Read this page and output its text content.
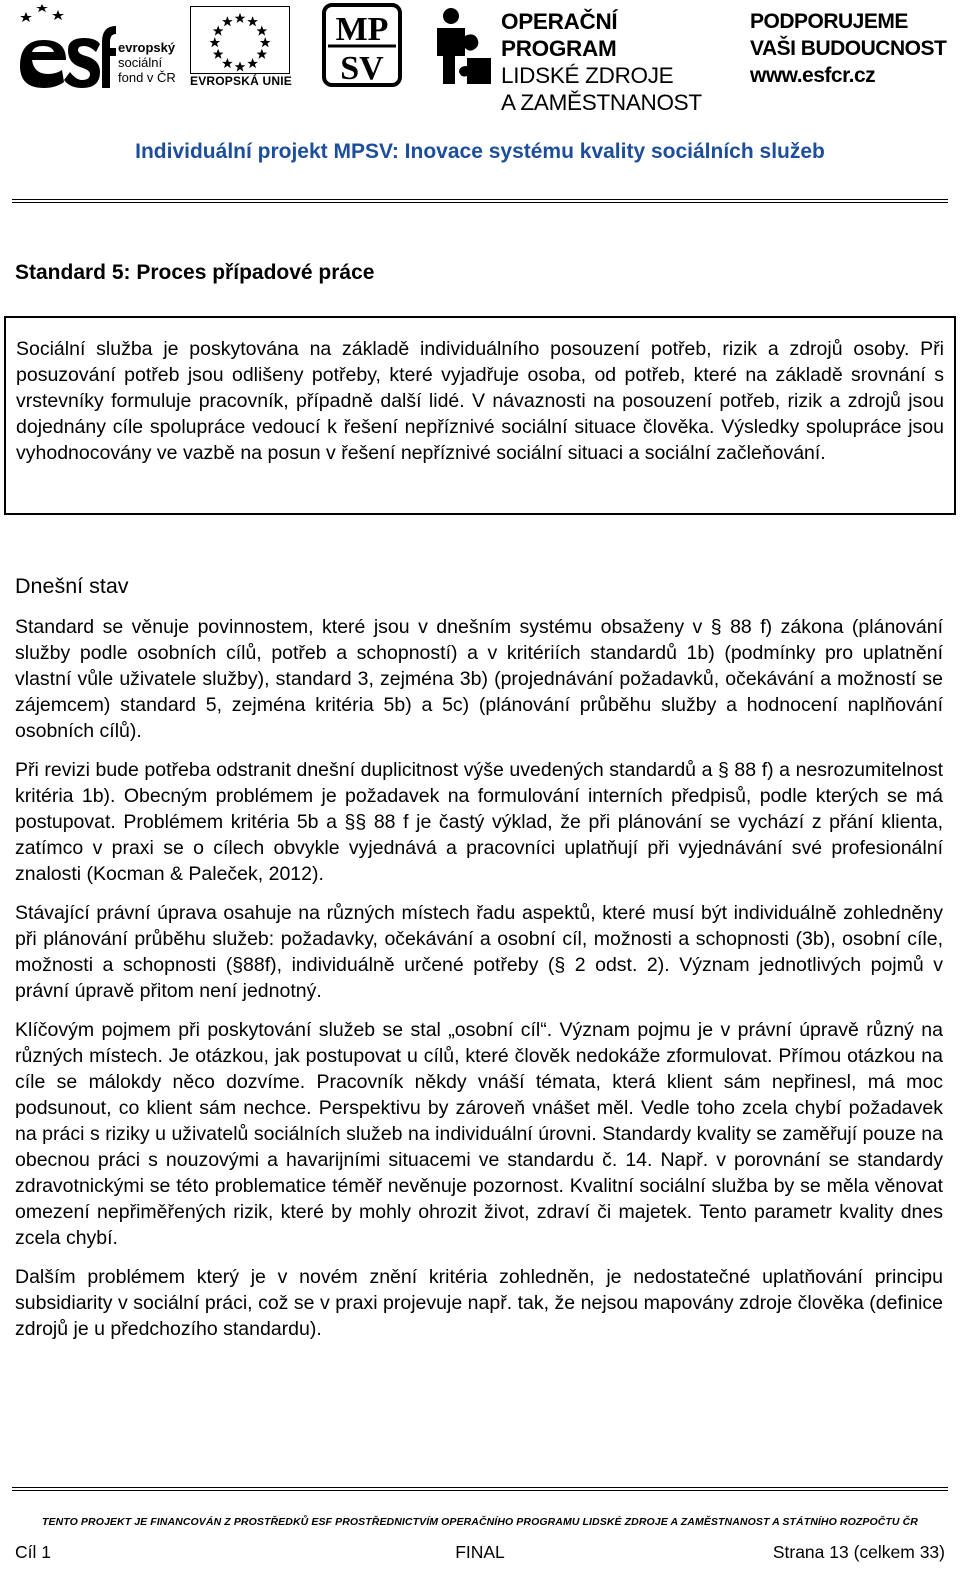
evropský
sociální
fond v ČR EVROPSKÁ UNIE
MP
SV
OPERAČNÍ PROGRAM
LIDSKÉ ZDROJE
A ZAMĚSTNANOST
PODPORUJEME
VAŠI BUDOUCNOST
www.esfcr.cz
Individuální projekt MPSV: Inovace systému kvality sociálních služeb
Standard 5: Proces případové práce

Sociální služba je poskytována na základě individuálního posouzení potřeb, rizik a zdrojů osoby. Při posuzování potřeb jsou odlišeny potřeby, které vyjadřuje osoba, od potřeb, které na základě srovnání s vrstevníky formuluje pracovník, případně další lidé. V návaznosti na posouzení potřeb, rizik a zdrojů jsou dojednány cíle spolupráce vedoucí k řešení nepříznivé sociální situace člověka. Výsledky spolupráce jsou vyhodnocovány ve vazbě na posun v řešení nepříznivé sociální situaci a sociální začleňování.

Dnešní stav

Standard se věnuje povinnostem, které jsou v dnešním systému obsaženy v § 88 f) zákona (plánování služby podle osobních cílů, potřeb a schopností) a v kritériích standardů 1b) (podmínky pro uplatnění vlastní vůle uživatele služby), standard 3, zejména 3b) (projednávání požadavků, očekávání a možností se zájemcem) standard 5, zejména kritéria 5b) a 5c) (plánování průběhu služby a hodnocení naplňování osobních cílů).

Při revizi bude potřeba odstranit dnešní duplicitnost výše uvedených standardů a § 88 f) a nesrozumitelnost kritéria 1b). Obecným problémem je požadavek na formulování interních předpisů, podle kterých se má postupovat. Problémem kritéria 5b a §§ 88 f je častý výklad, že při plánování se vychází z přání klienta, zatímco v praxi se o cílech obvykle vyjednává a pracovníci uplatňují při vyjednávání své profesionální znalosti (Kocman & Paleček, 2012).

Stávající právní úprava osahuje na různých místech řadu aspektů, které musí být individuálně zohledněny při plánování průběhu služeb: požadavky, očekávání a osobní cíl, možnosti a schopnosti (3b), osobní cíle, možnosti a schopnosti (§88f), individuálně určené potřeby (§ 2 odst. 2). Význam jednotlivých pojmů v právní úpravě přitom není jednotný.

Klíčovým pojmem při poskytování služeb se stal „osobní cíl“. Význam pojmu je v právní úpravě různý na různých místech. Je otázkou, jak postupovat u cílů, které člověk nedokáže zformulovat. Přímou otázkou na cíle se málokdy něco dozvíme. Pracovník někdy vnáší témata, která klient sám nepřinesl, má moc podsunout, co klient sám nechce. Perspektivu by zároveň vnášet měl. Vedle toho zcela chybí požadavek na práci s riziky u uživatelů sociálních služeb na individuální úrovni. Standardy kvality se zaměřují pouze na obecnou práci s nouzovými a havarijními situacemi ve standardu č. 14. Např. v porovnání se standardy zdravotnickými se této problematice téměř nevěnuje pozornost. Kvalitní sociální služba by se měla věnovat omezení nepřiměřených rizik, které by mohly ohrozit život, zdraví či majetek. Tento parametr kvality dnes zcela chybí.

Dalším problémem který je v novém znění kritéria zohledněn, je nedostatečné uplatňování principu subsidiarity v sociální práci, což se v praxi projevuje např. tak, že nejsou mapovány zdroje člověka (definice zdrojů je u předchozího standardu).

TENTO PROJEKT JE FINANCOVÁN Z PROSTŘEDKŮ ESF PROSTŘEDNICTVÍM OPERAČNÍHO PROGRAMU LIDSKÉ ZDROJE A ZAMĚSTNANOST A STÁTNÍHO ROZPOČTU ČR
Cíl 1	FINAL	Strana 13 (celkem 33)
